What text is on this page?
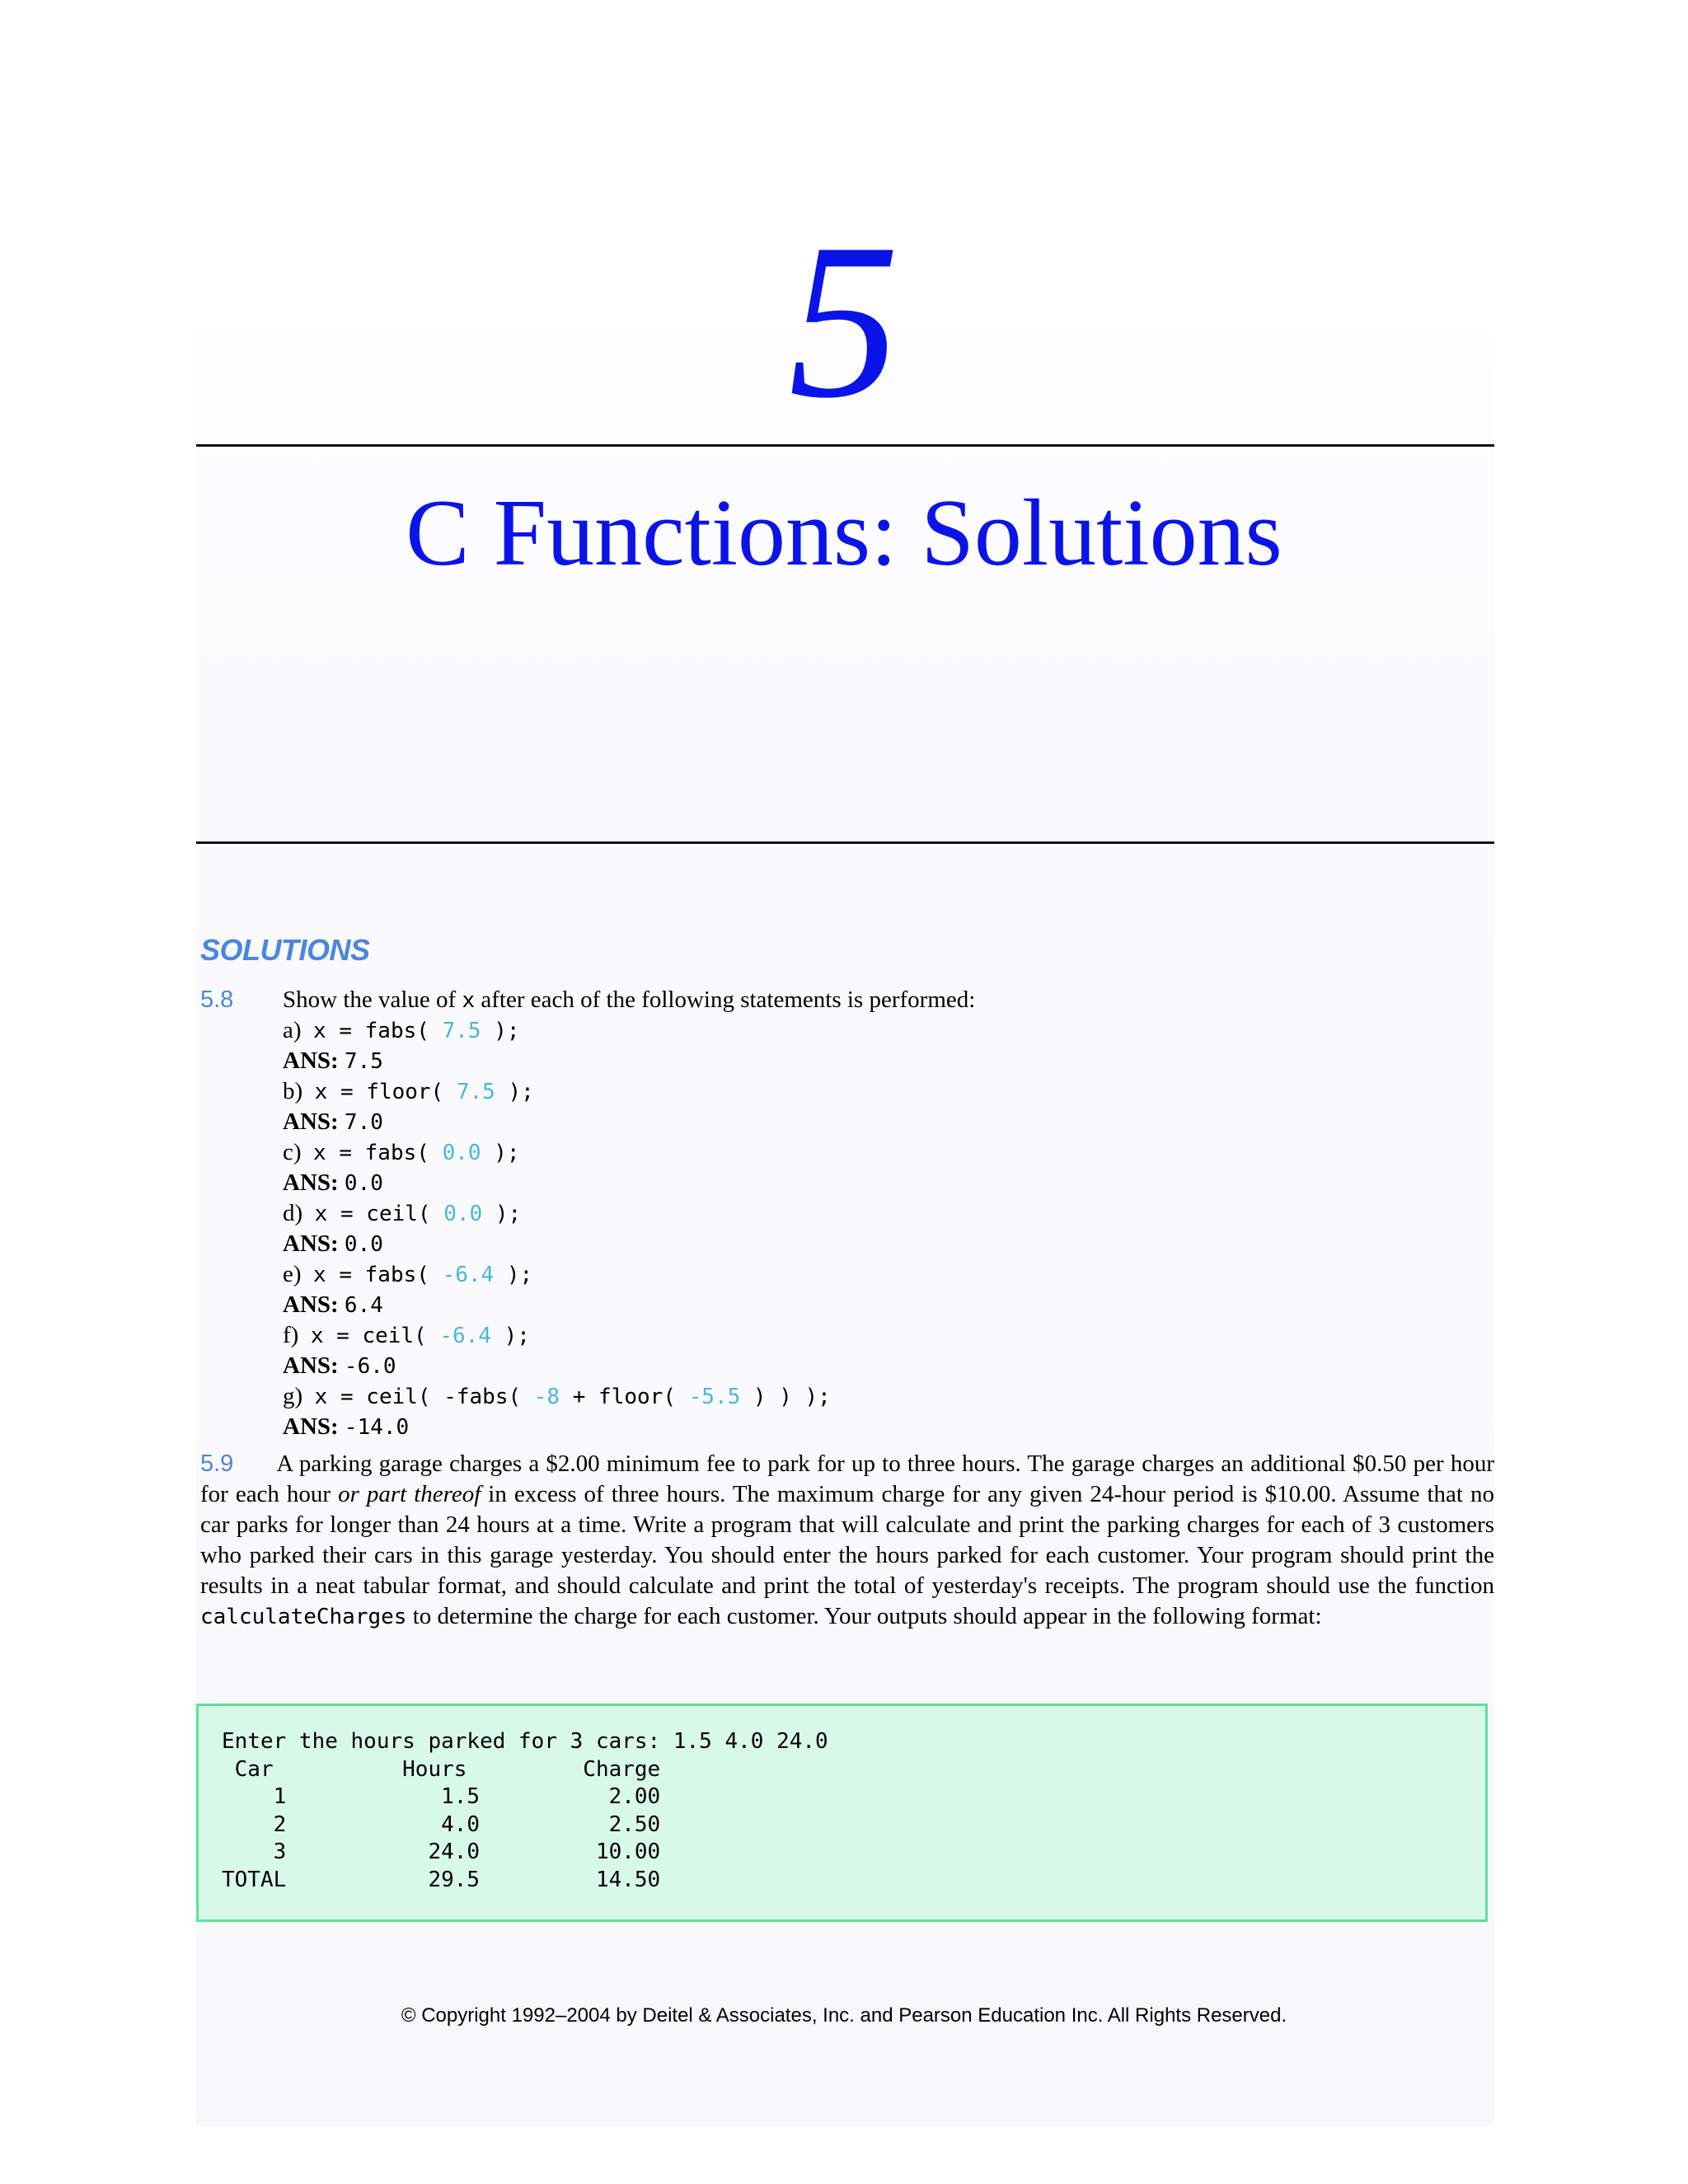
5
C Functions: Solutions
SOLUTIONS
5.8 Show the value of x after each of the following statements is performed:
a) x = fabs( 7.5 );
ANS: 7.5
b) x = floor( 7.5 );
ANS: 7.0
c) x = fabs( 0.0 );
ANS: 0.0
d) x = ceil( 0.0 );
ANS: 0.0
e) x = fabs( -6.4 );
ANS: 6.4
f) x = ceil( -6.4 );
ANS: -6.0
g) x = ceil( -fabs( -8 + floor( -5.5 ) ) );
ANS: -14.0
5.9 A parking garage charges a $2.00 minimum fee to park for up to three hours. The garage charges an additional $0.50 per hour for each hour or part thereof in excess of three hours. The maximum charge for any given 24-hour period is $10.00. Assume that no car parks for longer than 24 hours at a time. Write a program that will calculate and print the parking charges for each of 3 customers who parked their cars in this garage yesterday. You should enter the hours parked for each customer. Your program should print the results in a neat tabular format, and should calculate and print the total of yesterday's receipts. The program should use the function calculateCharges to determine the charge for each customer. Your outputs should appear in the following format:
Enter the hours parked for 3 cars: 1.5 4.0 24.0
Car          Hours         Charge
1            1.5          2.00
2            4.0          2.50
3           24.0         10.00
TOTAL           29.5         14.50
© Copyright 1992–2004 by Deitel & Associates, Inc. and Pearson Education Inc. All Rights Reserved.
